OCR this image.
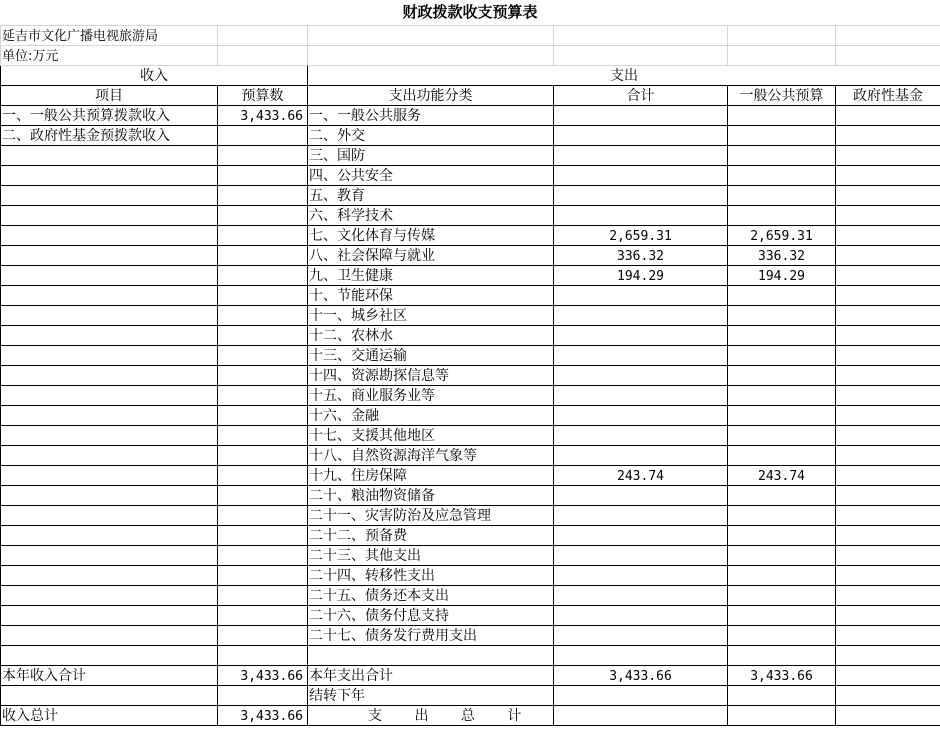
财政拨款收支预算表
延吉市文化广播电视旅游局					
单位:万元					
收入		支出			
项目	预算数	支出功能分类	合计	一般公共预算	政府性基金
一、一般公共预算拨款收入	3,433.66	一、一般公共服务			
二、政府性基金预拨款收入		二、外交			
		三、国防			
		四、公共安全			
		五、教育			
		六、科学技术			
		七、文化体育与传媒	2,659.31	2,659.31	
		八、社会保障与就业	336.32	336.32	
		九、卫生健康	194.29	194.29	
		十、节能环保			
		十一、城乡社区			
		十二、农林水			
		十三、交通运输			
		十四、资源勘探信息等			
		十五、商业服务业等			
		十六、金融			
		十七、支援其他地区			
		十八、自然资源海洋气象等			
		十九、住房保障	243.74	243.74	
		二十、粮油物资储备			
		二十一、灾害防治及应急管理			
		二十二、预备费			
		二十三、其他支出			
		二十四、转移性支出			
		二十五、债务还本支出			
		二十六、债务付息支持			
		二十七、债务发行费用支出			

本年收入合计	3,433.66	本年支出合计	3,433.66	3,433.66	
		结转下年			
收入总计	3,433.66	支 出 总 计			
